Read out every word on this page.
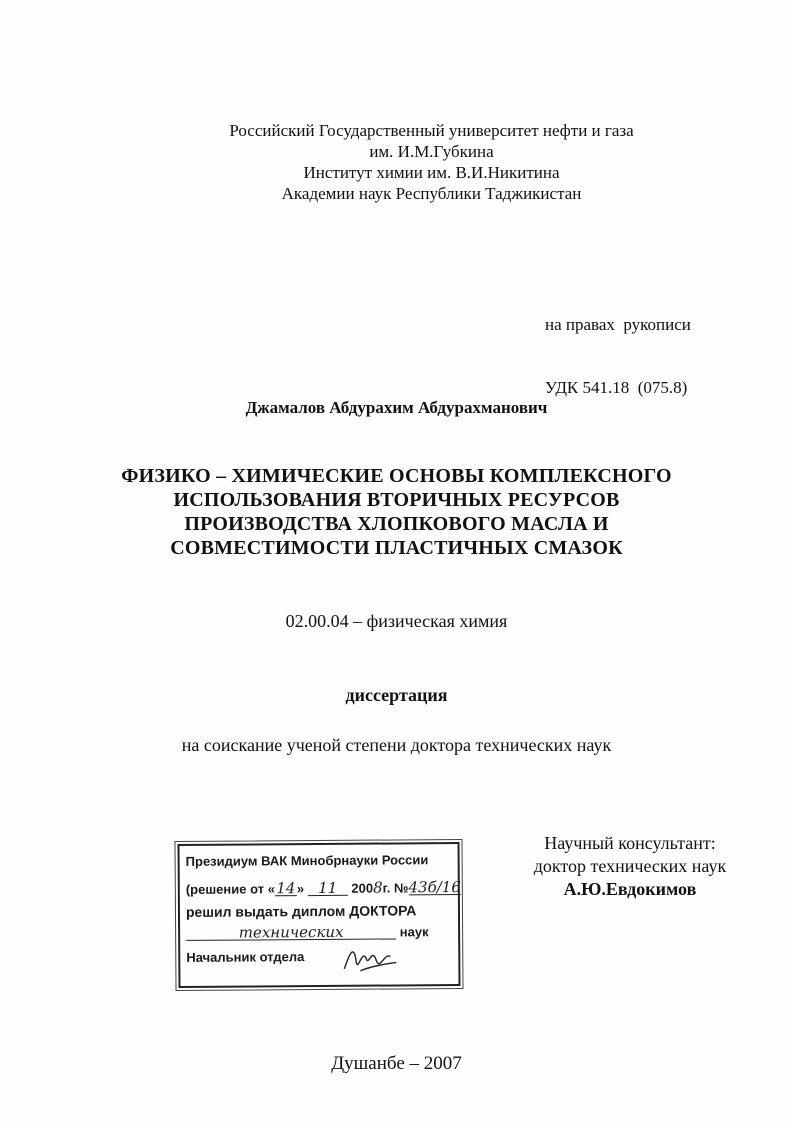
Российский Государственный университет нефти и газа
им. И.М.Губкина
Институт химии им. В.И.Никитина
Академии наук Республики Таджикистан

на правах  рукописи

УДК 541.18  (075.8)

Джамалов Абдурахим Абдурахманович
ФИЗИКО – ХИМИЧЕСКИЕ ОСНОВЫ КОМПЛЕКСНОГО
ИСПОЛЬЗОВАНИЯ ВТОРИЧНЫХ РЕСУРСОВ
ПРОИЗВОДСТВА ХЛОПКОВОГО МАСЛА И
СОВМЕСТИМОСТИ ПЛАСТИЧНЫХ СМАЗОК
02.00.04 – физическая химия
диссертация
на соискание ученой степени доктора технических наук
Президиум ВАК Минобрнауки России
(решение от «14» 11 2008г. №43б/16
решил выдать диплом ДОКТОРА
технических	наук
Начальник отдела
Научный консультант:
доктор технических наук
А.Ю.Евдокимов
Душанбе – 2007
